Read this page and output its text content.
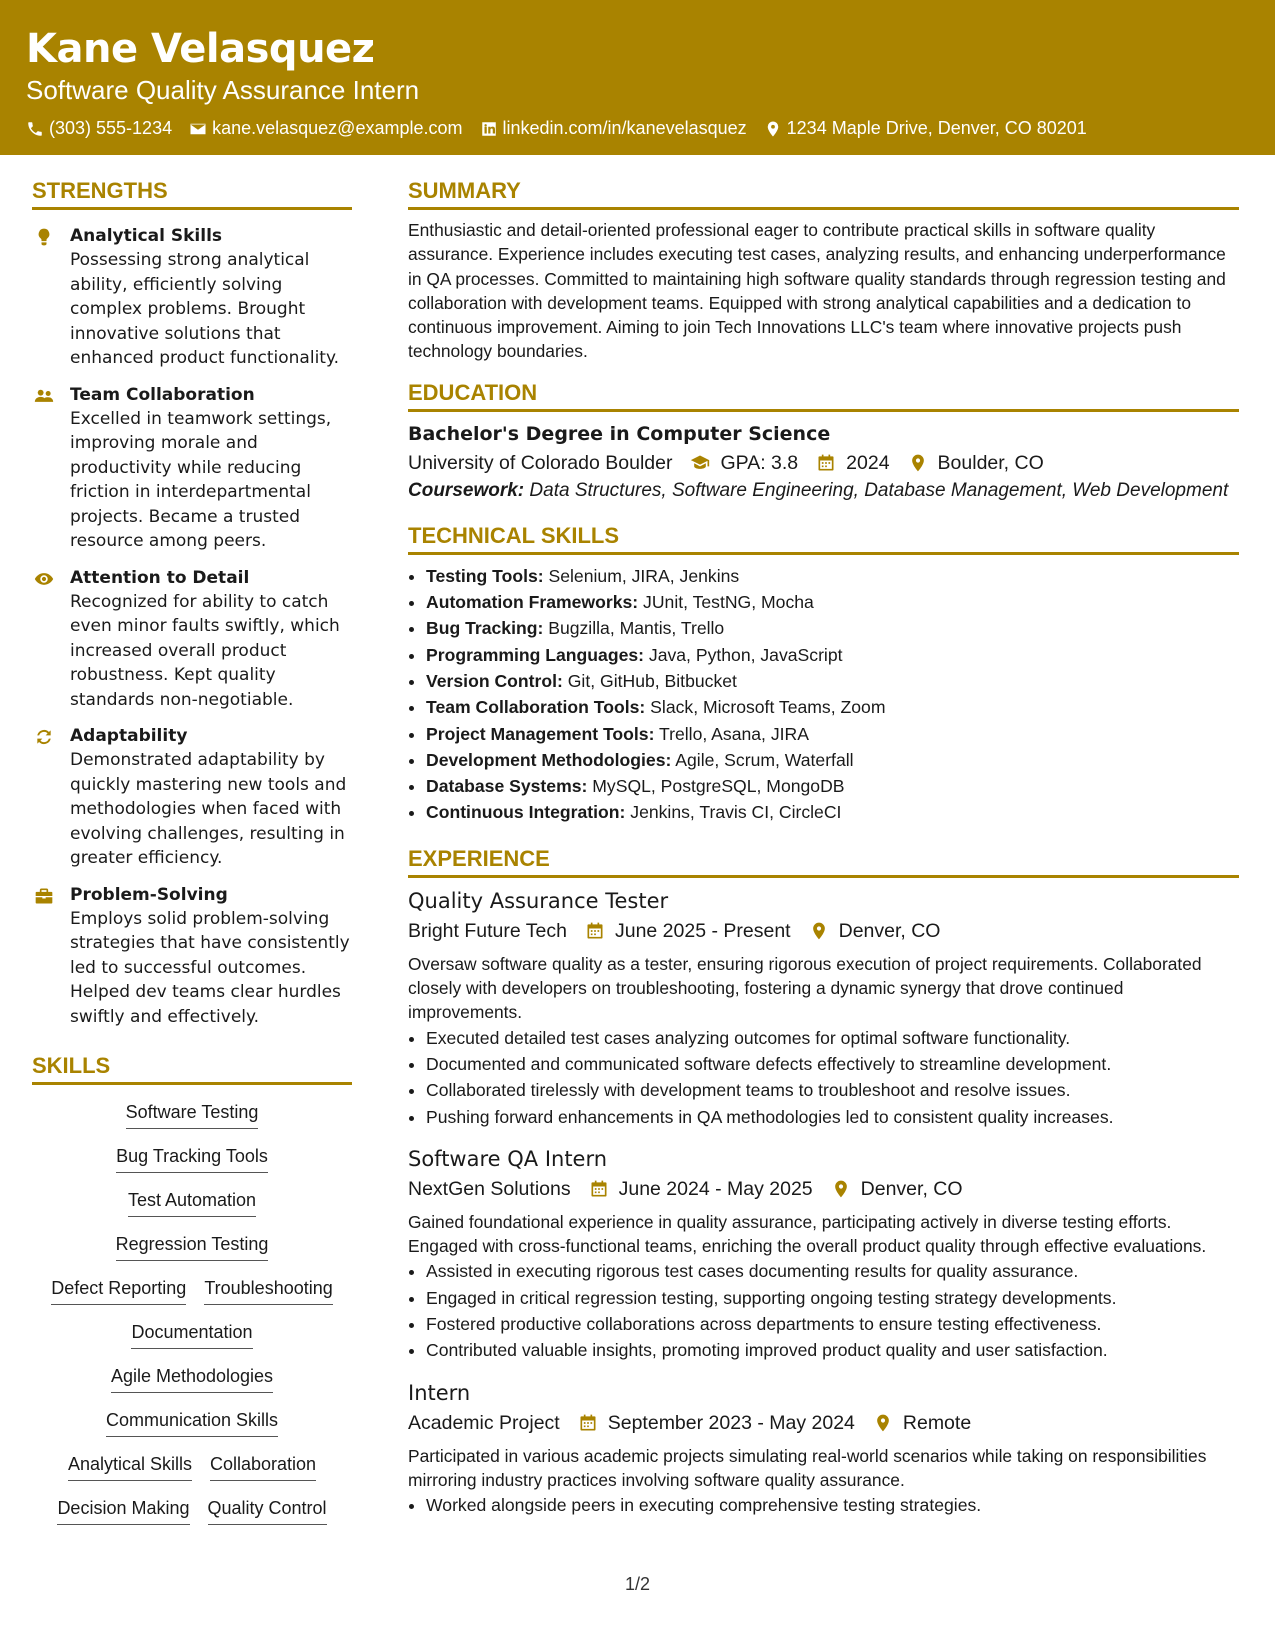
Kane Velasquez
Software Quality Assurance Intern
(303) 555-1234 kane.velasquez@example.com linkedin.com/in/kanevelasquez 1234 Maple Drive, Denver, CO 80201
STRENGTHS
Analytical Skills
Possessing strong analytical ability, efficiently solving complex problems. Brought innovative solutions that enhanced product functionality.
Team Collaboration
Excelled in teamwork settings, improving morale and productivity while reducing friction in interdepartmental projects. Became a trusted resource among peers.
Attention to Detail
Recognized for ability to catch even minor faults swiftly, which increased overall product robustness. Kept quality standards non-negotiable.
Adaptability
Demonstrated adaptability by quickly mastering new tools and methodologies when faced with evolving challenges, resulting in greater efficiency.
Problem-Solving
Employs solid problem-solving strategies that have consistently led to successful outcomes. Helped dev teams clear hurdles swiftly and effectively.
SKILLS
Software Testing
Bug Tracking Tools
Test Automation
Regression Testing
Defect Reporting Troubleshooting
Documentation
Agile Methodologies
Communication Skills
Analytical Skills Collaboration
Decision Making Quality Control
SUMMARY
Enthusiastic and detail-oriented professional eager to contribute practical skills in software quality assurance. Experience includes executing test cases, analyzing results, and enhancing underperformance in QA processes. Committed to maintaining high software quality standards through regression testing and collaboration with development teams. Equipped with strong analytical capabilities and a dedication to continuous improvement. Aiming to join Tech Innovations LLC's team where innovative projects push technology boundaries.
EDUCATION
Bachelor's Degree in Computer Science
University of Colorado Boulder GPA: 3.8 2024 Boulder, CO
Coursework: Data Structures, Software Engineering, Database Management, Web Development
TECHNICAL SKILLS
• Testing Tools: Selenium, JIRA, Jenkins
• Automation Frameworks: JUnit, TestNG, Mocha
• Bug Tracking: Bugzilla, Mantis, Trello
• Programming Languages: Java, Python, JavaScript
• Version Control: Git, GitHub, Bitbucket
• Team Collaboration Tools: Slack, Microsoft Teams, Zoom
• Project Management Tools: Trello, Asana, JIRA
• Development Methodologies: Agile, Scrum, Waterfall
• Database Systems: MySQL, PostgreSQL, MongoDB
• Continuous Integration: Jenkins, Travis CI, CircleCI
EXPERIENCE
Quality Assurance Tester
Bright Future Tech June 2025 - Present Denver, CO
Oversaw software quality as a tester, ensuring rigorous execution of project requirements. Collaborated closely with developers on troubleshooting, fostering a dynamic synergy that drove continued improvements.
• Executed detailed test cases analyzing outcomes for optimal software functionality.
• Documented and communicated software defects effectively to streamline development.
• Collaborated tirelessly with development teams to troubleshoot and resolve issues.
• Pushing forward enhancements in QA methodologies led to consistent quality increases.
Software QA Intern
NextGen Solutions June 2024 - May 2025 Denver, CO
Gained foundational experience in quality assurance, participating actively in diverse testing efforts. Engaged with cross-functional teams, enriching the overall product quality through effective evaluations.
• Assisted in executing rigorous test cases documenting results for quality assurance.
• Engaged in critical regression testing, supporting ongoing testing strategy developments.
• Fostered productive collaborations across departments to ensure testing effectiveness.
• Contributed valuable insights, promoting improved product quality and user satisfaction.
Intern
Academic Project September 2023 - May 2024 Remote
Participated in various academic projects simulating real-world scenarios while taking on responsibilities mirroring industry practices involving software quality assurance.
• Worked alongside peers in executing comprehensive testing strategies.
1/2
